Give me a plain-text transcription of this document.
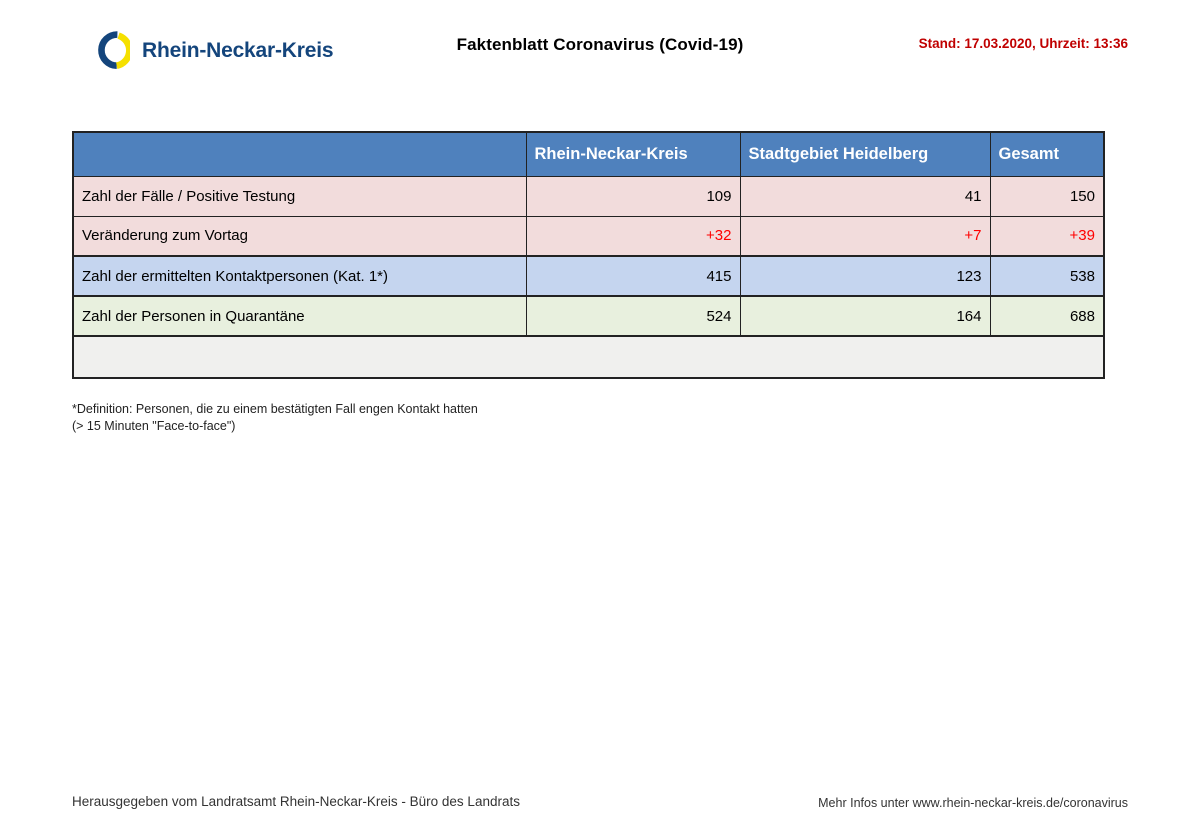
Rhein-Neckar-Kreis	Faktenblatt Coronavirus (Covid-19)	Stand: 17.03.2020, Uhrzeit: 13:36
	Rhein-Neckar-Kreis	Stadtgebiet Heidelberg	Gesamt
Zahl der Fälle / Positive Testung	109	41	150
Veränderung zum Vortag	+32	+7	+39
Zahl der ermittelten Kontaktpersonen (Kat. 1*)	415	123	538
Zahl der Personen in Quarantäne	524	164	688

*Definition: Personen, die zu einem bestätigten Fall engen Kontakt hatten
(> 15 Minuten "Face-to-face")
Herausgegeben vom Landratsamt Rhein-Neckar-Kreis - Büro des Landrats	Mehr Infos unter www.rhein-neckar-kreis.de/coronavirus
